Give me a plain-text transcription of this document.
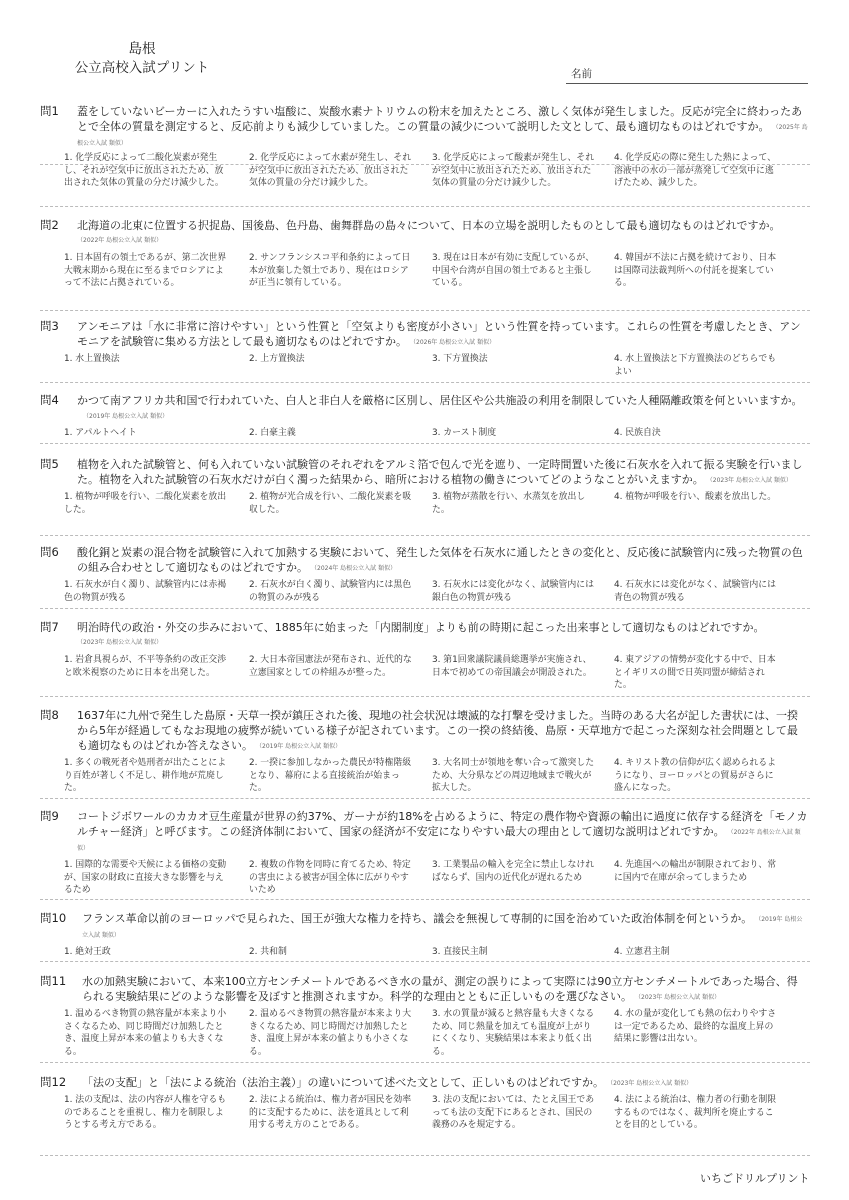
島根
公立高校入試プリント	名前
問1 蓋をしていないビーカーに入れたうすい塩酸に、炭酸水素ナトリウムの粉末を加えたところ、激しく気体が発生しました。反応が完全に終わったあとで全体の質量を測定すると、反応前よりも減少していました。この質量の減少について説明した文として、最も適切なものはどれですか。 （2025年 島根公立入試 類似）
1. 化学反応によって二酸化炭素が発生し、それが空気中に放出されたため、放出された気体の質量の分だけ減少した。
2. 化学反応によって水素が発生し、それが空気中に放出されたため、放出された気体の質量の分だけ減少した。
3. 化学反応によって酸素が発生し、それが空気中に放出されたため、放出された気体の質量の分だけ減少した。
4. 化学反応の際に発生した熱によって、溶液中の水の一部が蒸発して空気中に逃げたため、減少した。
問2 北海道の北東に位置する択捉島、国後島、色丹島、歯舞群島の島々について、日本の立場を説明したものとして最も適切なものはどれですか。
（2022年 島根公立入試 類似）
1. 日本固有の領土であるが、第二次世界大戦末期から現在に至るまでロシアによって不法に占拠されている。
2. サンフランシスコ平和条約によって日本が放棄した領土であり、現在はロシアが正当に領有している。
3. 現在は日本が有効に支配しているが、中国や台湾が自国の領土であると主張している。
4. 韓国が不法に占拠を続けており、日本は国際司法裁判所への付託を提案している。
問3 アンモニアは「水に非常に溶けやすい」という性質と「空気よりも密度が小さい」という性質を持っています。これらの性質を考慮したとき、アンモニアを試験管に集める方法として最も適切なものはどれですか。 （2026年 島根公立入試 類似）
1. 水上置換法	2. 上方置換法	3. 下方置換法	4. 水上置換法と下方置換法のどちらでもよい
問4 かつて南アフリカ共和国で行われていた、白人と非白人を厳格に区別し、居住区や公共施設の利用を制限していた人種隔離政策を何といいますか。（2019年 島根公立入試 類似）
1. アパルトヘイト	2. 白豪主義	3. カースト制度	4. 民族自決
問5 植物を入れた試験管と、何も入れていない試験管のそれぞれをアルミ箔で包んで光を遮り、一定時間置いた後に石灰水を入れて振る実験を行いました。植物を入れた試験管の石灰水だけが白く濁った結果から、暗所における植物の働きについてどのようなことがいえますか。 （2023年 島根公立入試 類似）
1. 植物が呼吸を行い、二酸化炭素を放出した。
2. 植物が光合成を行い、二酸化炭素を吸収した。
3. 植物が蒸散を行い、水蒸気を放出した。
4. 植物が呼吸を行い、酸素を放出した。
問6 酸化銅と炭素の混合物を試験管に入れて加熱する実験において、発生した気体を石灰水に通したときの変化と、反応後に試験管内に残った物質の色の組み合わせとして適切なものはどれですか。 （2024年 島根公立入試 類似）
1. 石灰水が白く濁り、試験管内には赤褐色の物質が残る
2. 石灰水が白く濁り、試験管内には黒色の物質のみが残る
3. 石灰水には変化がなく、試験管内には銀白色の物質が残る
4. 石灰水には変化がなく、試験管内には青色の物質が残る
問7 明治時代の政治・外交の歩みにおいて、1885年に始まった「内閣制度」よりも前の時期に起こった出来事として適切なものはどれですか。
（2023年 島根公立入試 類似）
1. 岩倉具視らが、不平等条約の改正交渉と欧米視察のために日本を出発した。
2. 大日本帝国憲法が発布され、近代的な立憲国家としての枠組みが整った。
3. 第1回衆議院議員総選挙が実施され、日本で初めての帝国議会が開設された。
4. 東アジアの情勢が変化する中で、日本とイギリスの間で日英同盟が締結された。
問8 1637年に九州で発生した島原・天草一揆が鎮圧された後、現地の社会状況は壊滅的な打撃を受けました。当時のある大名が記した書状には、一揆から5年が経過してもなお現地の疲弊が続いている様子が記されています。この一揆の終結後、島原・天草地方で起こった深刻な社会問題として最も適切なものはどれか答えなさい。 （2019年 島根公立入試 類似）
1. 多くの戦死者や処刑者が出たことにより百姓が著しく不足し、耕作地が荒廃した。
2. 一揆に参加しなかった農民が特権階級となり、幕府による直接統治が始まった。
3. 大名同士が領地を奪い合って激突したため、大分県などの周辺地域まで戦火が拡大した。
4. キリスト教の信仰が広く認められるようになり、ヨーロッパとの貿易がさらに盛んになった。
問9 コートジボワールのカカオ豆生産量が世界の約37%、ガーナが約18%を占めるように、特定の農作物や資源の輸出に過度に依存する経済を「モノカルチャー経済」と呼びます。この経済体制において、国家の経済が不安定になりやすい最大の理由として適切な説明はどれですか。 （2022年 島根公立入試 類似）
1. 国際的な需要や天候による価格の変動が、国家の財政に直接大きな影響を与えるため
2. 複数の作物を同時に育てるため、特定の害虫による被害が国全体に広がりやすいため
3. 工業製品の輸入を完全に禁止しなければならず、国内の近代化が遅れるため
4. 先進国への輸出が制限されており、常に国内で在庫が余ってしまうため
問10 フランス革命以前のヨーロッパで見られた、国王が強大な権力を持ち、議会を無視して専制的に国を治めていた政治体制を何というか。 （2019年 島根公立入試 類似）
1. 絶対王政	2. 共和制	3. 直接民主制	4. 立憲君主制
問11 水の加熱実験において、本来100立方センチメートルであるべき水の量が、測定の誤りによって実際には90立方センチメートルであった場合、得られる実験結果にどのような影響を及ぼすと推測されますか。科学的な理由とともに正しいものを選びなさい。 （2023年 島根公立入試 類似）
1. 温めるべき物質の熱容量が本来より小さくなるため、同じ時間だけ加熱したとき、温度上昇が本来の値よりも大きくなる。
2. 温めるべき物質の熱容量が本来より大きくなるため、同じ時間だけ加熱したとき、温度上昇が本来の値よりも小さくなる。
3. 水の質量が減ると熱容量も大きくなるため、同じ熱量を加えても温度が上がりにくくなり、実験結果は本来より低く出る。
4. 水の量が変化しても熱の伝わりやすさは一定であるため、最終的な温度上昇の結果に影響は出ない。
問12 「法の支配」と「法による統治（法治主義）」の違いについて述べた文として、正しいものはどれですか。 （2023年 島根公立入試 類似）
1. 法の支配は、法の内容が人権を守るものであることを重視し、権力を制限しようとする考え方である。
2. 法による統治は、権力者が国民を効率的に支配するために、法を道具として利用する考え方のことである。
3. 法の支配においては、たとえ国王であっても法の支配下にあるとされ、国民の義務のみを規定する。
4. 法による統治は、権力者の行動を制限するものではなく、裁判所を廃止することを目的としている。
いちごドリルプリント
